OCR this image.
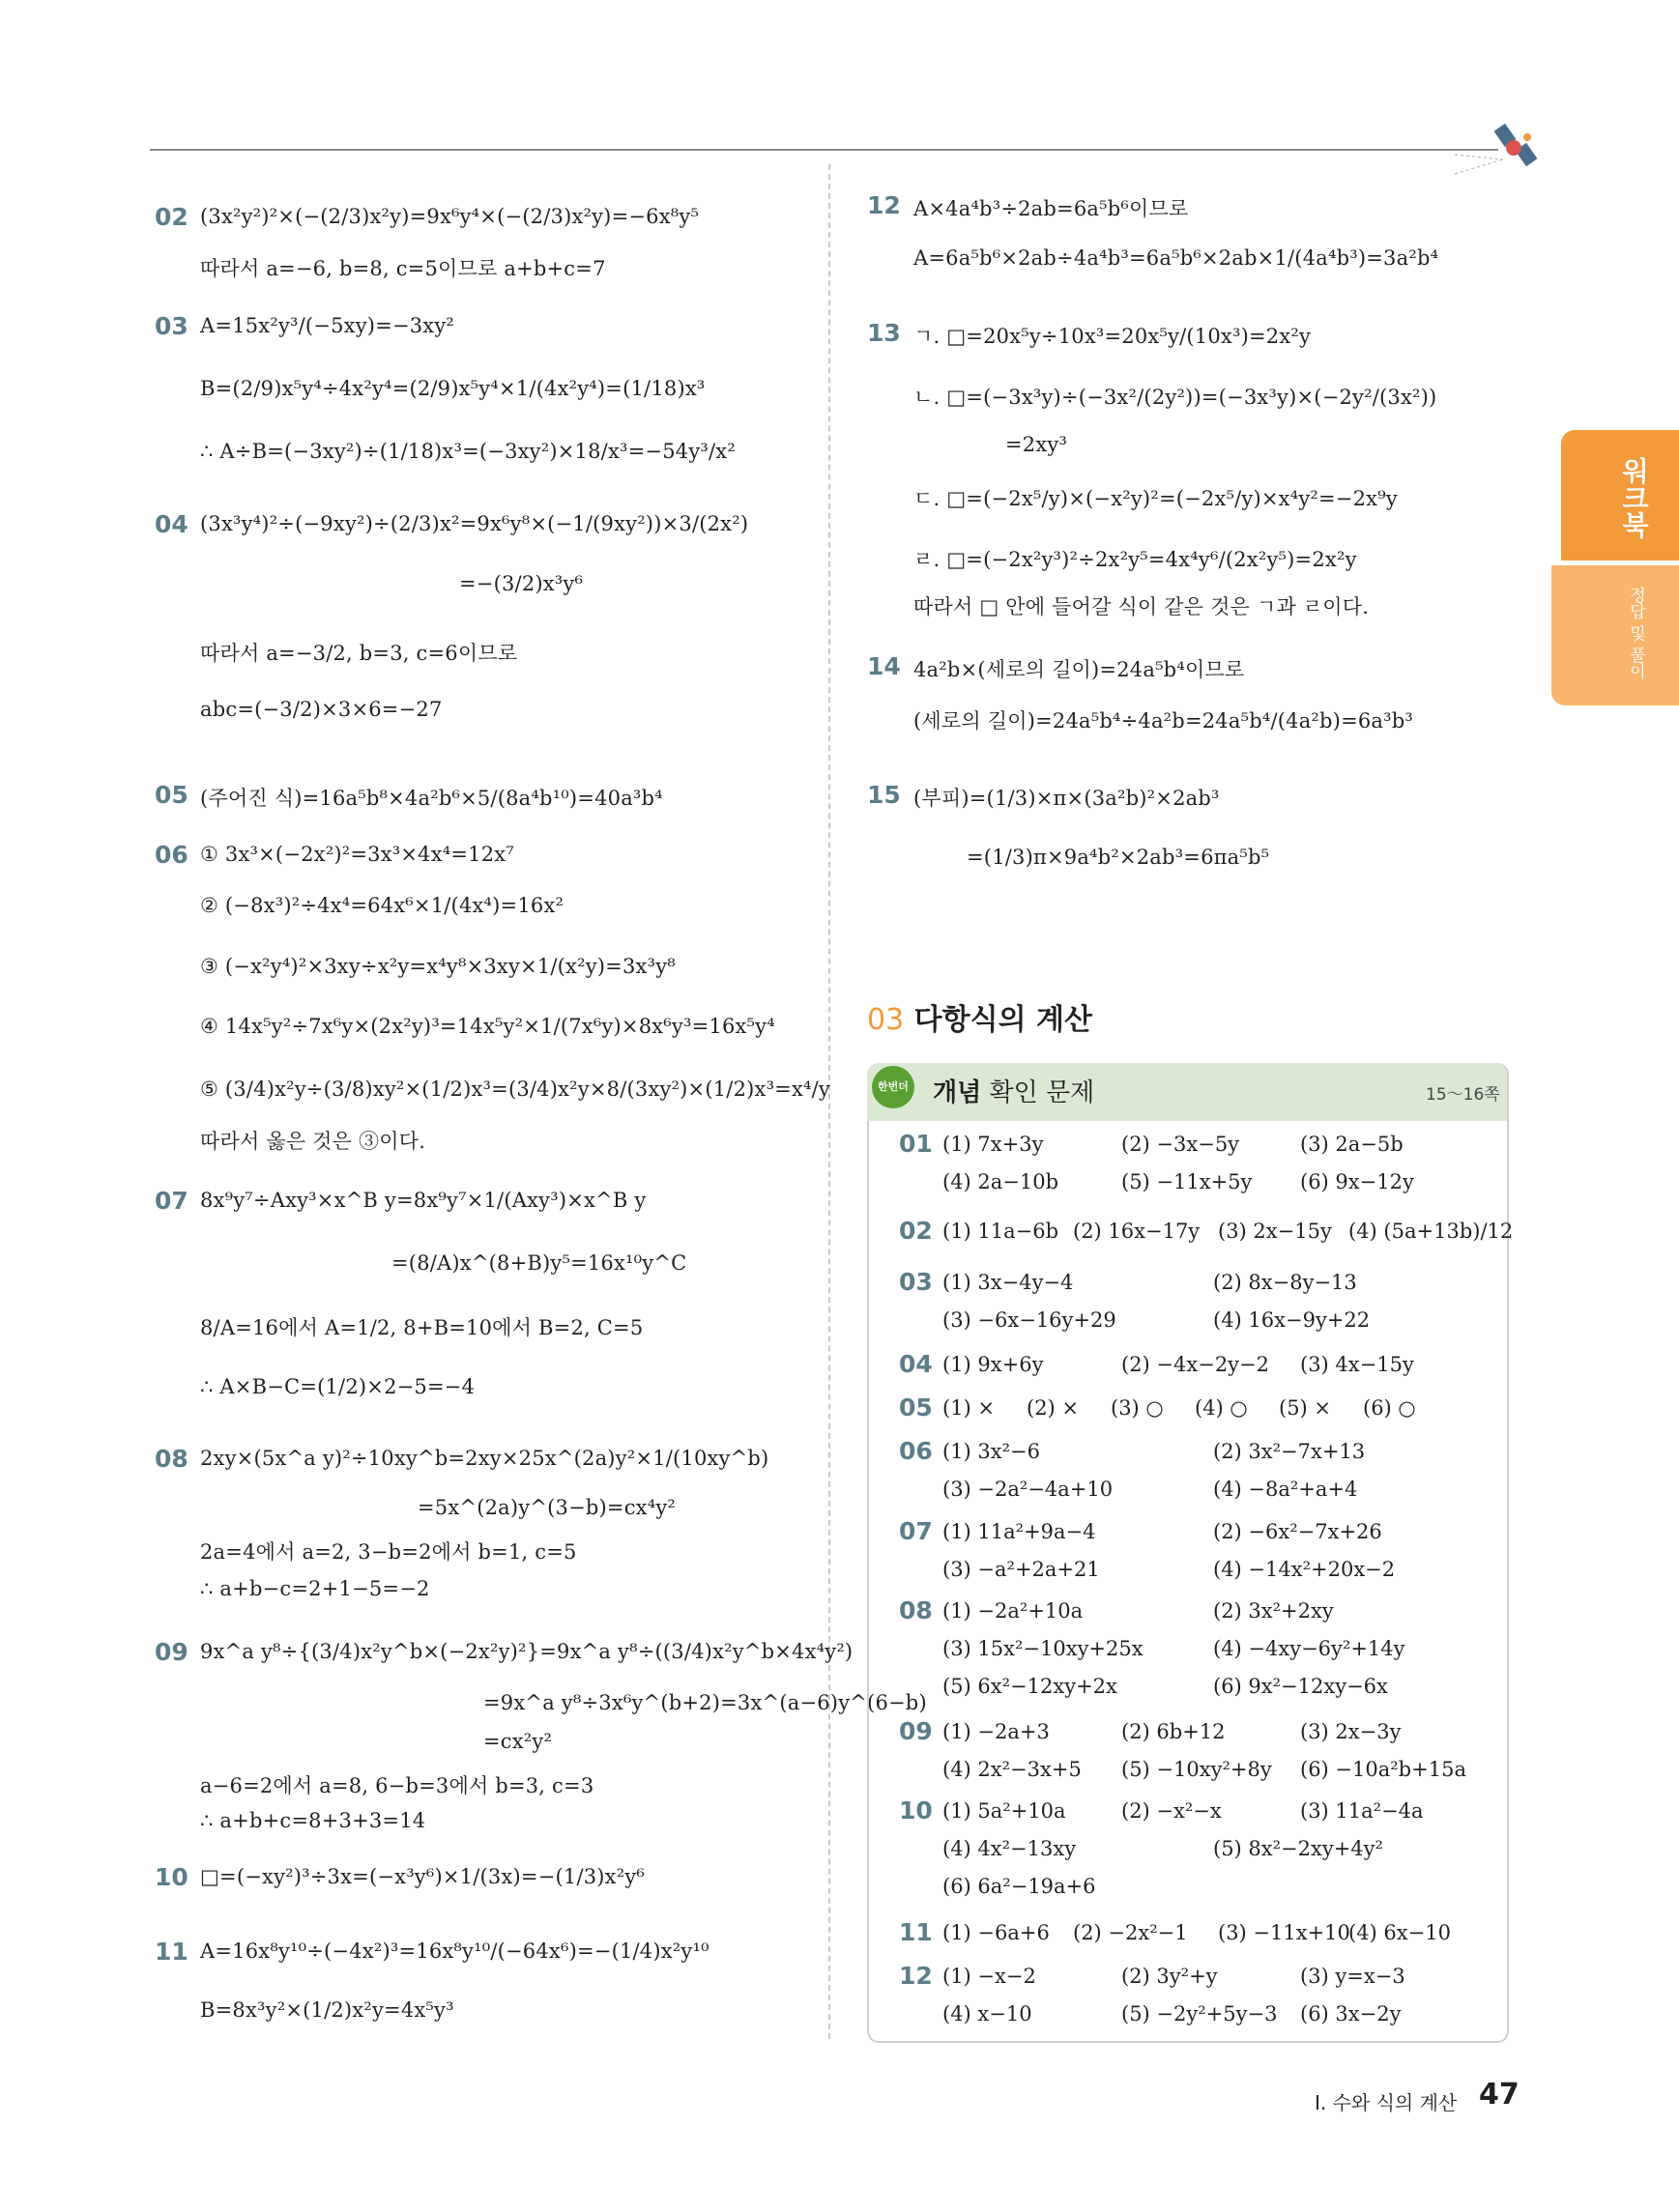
워크북
정답 및 풀이
02 (3x²y²)²×(−(2/3)x²y)=9x⁶y⁴×(−(2/3)x²y)=−6x⁸y⁵
따라서 a=−6, b=8, c=5이므로 a+b+c=7
03 A=15x²y³/(−5xy)=−3xy²
B=(2/9)x⁵y⁴÷4x²y⁴=(2/9)x⁵y⁴×1/(4x²y⁴)=(1/18)x³
∴ A÷B=(−3xy²)÷(1/18)x³=(−3xy²)×18/x³=−54y³/x²
04 (3x³y⁴)²÷(−9xy²)÷(2/3)x²=9x⁶y⁸×(−1/(9xy²))×3/(2x²)
=−(3/2)x³y⁶
따라서 a=−3/2, b=3, c=6이므로
abc=(−3/2)×3×6=−27
05 (주어진 식)=16a⁵b⁸×4a²b⁶×5/(8a⁴b¹⁰)=40a³b⁴
06 ① 3x³×(−2x²)²=3x³×4x⁴=12x⁷
② (−8x³)²÷4x⁴=64x⁶×1/(4x⁴)=16x²
③ (−x²y⁴)²×3xy÷x²y=x⁴y⁸×3xy×1/(x²y)=3x³y⁸
④ 14x⁵y²÷7x⁶y×(2x²y)³=14x⁵y²×1/(7x⁶y)×8x⁶y³=16x⁵y⁴
⑤ (3/4)x²y÷(3/8)xy²×(1/2)x³=(3/4)x²y×8/(3xy²)×(1/2)x³=x⁴/y
따라서 옳은 것은 ③이다.
07 8x⁹y⁷÷Axy³×x^B y=8x⁹y⁷×1/(Axy³)×x^B y
=(8/A)x^(8+B)y⁵=16x¹⁰y^C
8/A=16에서 A=1/2, 8+B=10에서 B=2, C=5
∴ A×B−C=(1/2)×2−5=−4
08 2xy×(5x^a y)²÷10xy^b=2xy×25x^(2a)y²×1/(10xy^b)
=5x^(2a)y^(3−b)=cx⁴y²
2a=4에서 a=2, 3−b=2에서 b=1, c=5
∴ a+b−c=2+1−5=−2
09 9x^a y⁸÷{(3/4)x²y^b×(−2x²y)²}=9x^a y⁸÷((3/4)x²y^b×4x⁴y²)
=9x^a y⁸÷3x⁶y^(b+2)=3x^(a−6)y^(6−b)
=cx²y²
a−6=2에서 a=8, 6−b=3에서 b=3, c=3
∴ a+b+c=8+3+3=14
10 □=(−xy²)³÷3x=(−x³y⁶)×1/(3x)=−(1/3)x²y⁶
11 A=16x⁸y¹⁰÷(−4x²)³=16x⁸y¹⁰/(−64x⁶)=−(1/4)x²y¹⁰
B=8x³y²×(1/2)x²y=4x⁵y³
12 A×4a⁴b³÷2ab=6a⁵b⁶이므로
A=6a⁵b⁶×2ab÷4a⁴b³=6a⁵b⁶×2ab×1/(4a⁴b³)=3a²b⁴
13 ㄱ. □=20x⁵y÷10x³=20x⁵y/(10x³)=2x²y
ㄴ. □=(−3x³y)÷(−3x²/(2y²))=(−3x³y)×(−2y²/(3x²))
=2xy³
ㄷ. □=(−2x⁵/y)×(−x²y)²=(−2x⁵/y)×x⁴y²=−2x⁹y
ㄹ. □=(−2x²y³)²÷2x²y⁵=4x⁴y⁶/(2x²y⁵)=2x²y
따라서 □ 안에 들어갈 식이 같은 것은 ㄱ과 ㄹ이다.
14 4a²b×(세로의 길이)=24a⁵b⁴이므로
(세로의 길이)=24a⁵b⁴÷4a²b=24a⁵b⁴/(4a²b)=6a³b³
15 (부피)=(1/3)×π×(3a²b)²×2ab³
=(1/3)π×9a⁴b²×2ab³=6πa⁵b⁵
03 다항식의 계산
한번더 개념 확인 문제	15～16쪽
01 (1) 7x+3y	(2) −3x−5y	(3) 2a−5b
(4) 2a−10b	(5) −11x+5y (6) 9x−12y
02 (1) 11a−6b (2) 16x−17y (3) 2x−15y (4) (5a+13b)/12
03 (1) 3x−4y−4	(2) 8x−8y−13
(3) −6x−16y+29	(4) 16x−9y+22
04 (1) 9x+6y	(2) −4x−2y−2 (3) 4x−15y
05 (1) × (2) × (3) ○ (4) ○ (5) × (6) ○
06 (1) 3x²−6	(2) 3x²−7x+13
(3) −2a²−4a+10	(4) −8a²+a+4
07 (1) 11a²+9a−4	(2) −6x²−7x+26
(3) −a²+2a+21	(4) −14x²+20x−2
08 (1) −2a²+10a	(2) 3x²+2xy
(3) 15x²−10xy+25x	(4) −4xy−6y²+14y
(5) 6x²−12xy+2x	(6) 9x²−12xy−6x
09 (1) −2a+3	(2) 6b+12	(3) 2x−3y
(4) 2x²−3x+5 (5) −10xy²+8y (6) −10a²b+15a
10 (1) 5a²+10a	(2) −x²−x	(3) 11a²−4a
(4) 4x²−13xy	(5) 8x²−2xy+4y²
(6) 6a²−19a+6
11 (1) −6a+6 (2) −2x²−1 (3) −11x+10
(4) 6x−10
12 (1) −x−2	(2) 3y²+y	(3) y=x−3
(4) x−10	(5) −2y²+5y−3 (6) 3x−2y
Ⅰ. 수와 식의 계산 47
